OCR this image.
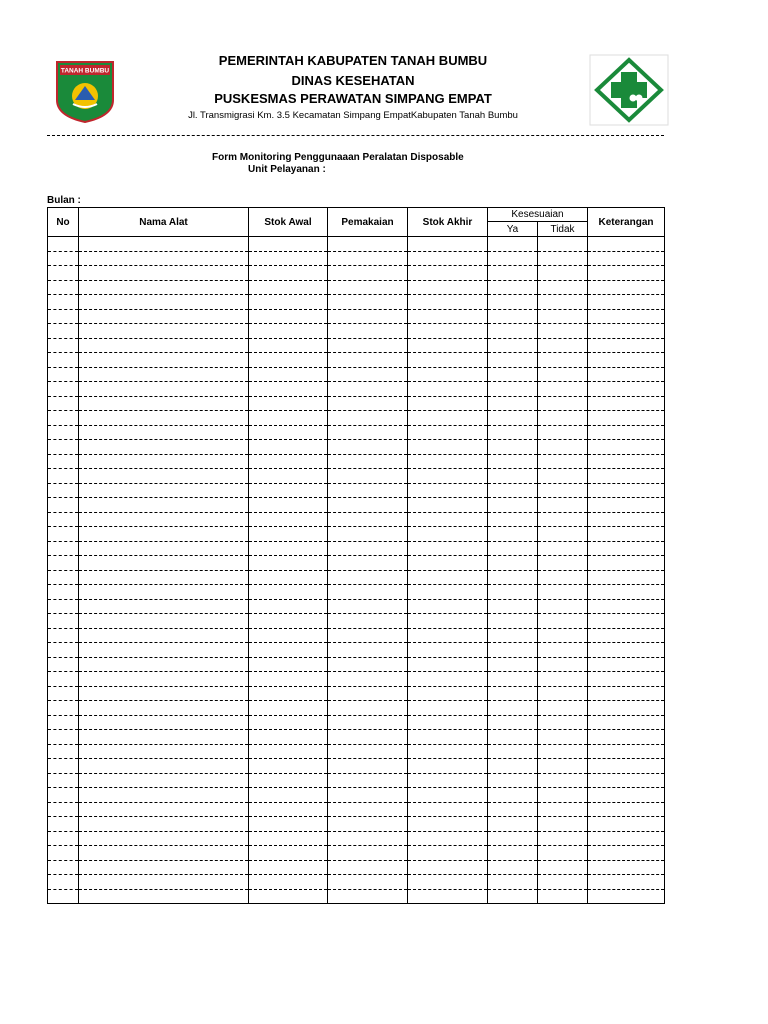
TANAH BUMBU
PEMERINTAH KABUPATEN TANAH BUMBU
DINAS KESEHATAN
PUSKESMAS PERAWATAN SIMPANG EMPAT
Jl. Transmigrasi Km. 3.5 Kecamatan Simpang EmpatKabupaten Tanah Bumbu
Form Monitoring Penggunaaan Peralatan Disposable
Unit Pelayanan :
Bulan :
No	Nama Alat	Stok Awal	Pemakaian	Stok Akhir	Kesesuaian		Keterangan
					Ya	Tidak	
